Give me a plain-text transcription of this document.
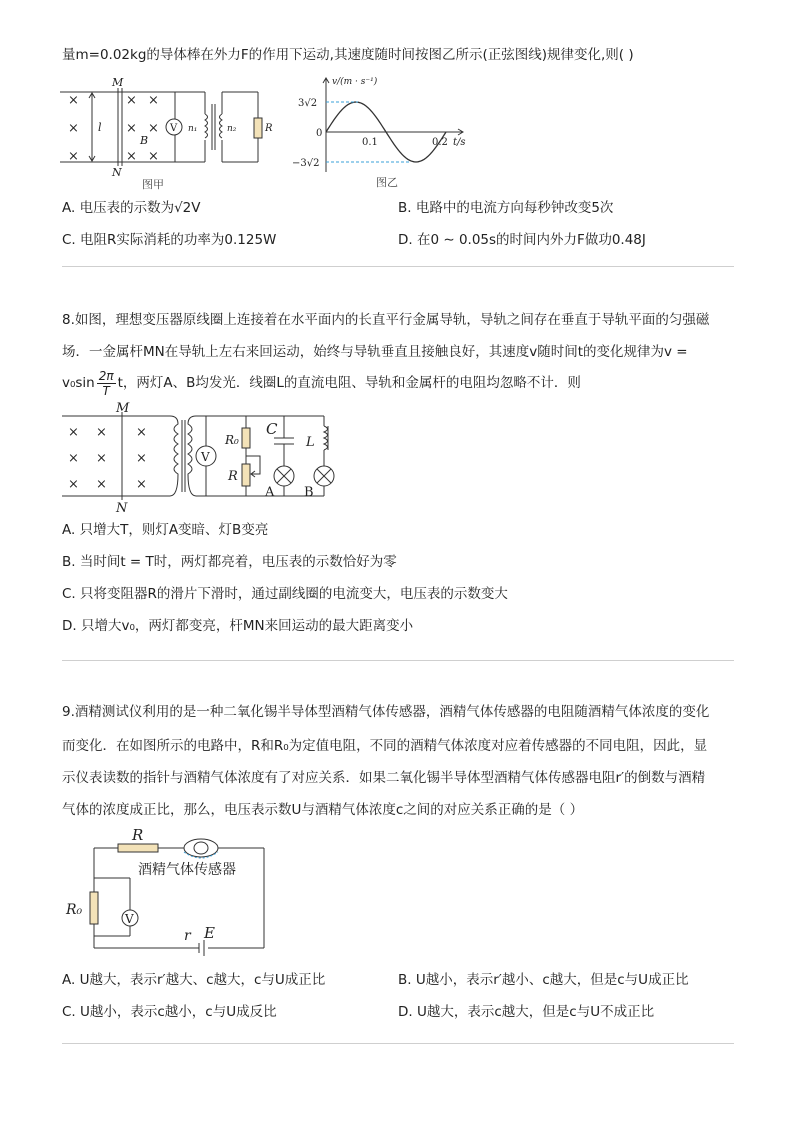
量m=0.02kg的导体棒在外力F的作用下运动,其速度随时间按图乙所示(正弦图线)规律变化,则( )
V
×
×
×
×
×
×
×
×
×
M
N
l
B
n₁	n₂	R
图甲
v/(m · s⁻¹)
t/s
3√2
−3√2
0
0.1	0.2
图乙
A. 电压表的示数为√2V	B. 电路中的电流方向每秒钟改变5次
C. 电阻R实际消耗的功率为0.125W	D. 在0 ∼ 0.05s的时间内外力F做功0.48J
8.如图，理想变压器原线圈上连接着在水平面内的长直平行金属导轨，导轨之间存在垂直于导轨平面的匀强磁
场．一金属杆MN在导轨上左右来回运动，始终与导轨垂直且接触良好，其速度v随时间t的变化规律为v =
$v_0\sin \frac{2\pi}{T}$ t，两灯A、B均发光．线圈L的直流电阻、导轨和金属杆的电阻均忽略不计．则
×
×
×
×
×
×
×
×
×
M
N
V
R₀
R
C
L
A B
A. 只增大T，则灯A变暗、灯B变亮
B. 当时间t = T时，两灯都亮着，电压表的示数恰好为零
C. 只将变阻器R的滑片下滑时，通过副线圈的电流变大，电压表的示数变大
D. 只增大v₀，两灯都变亮，杆MN来回运动的最大距离变小
9.酒精测试仪利用的是一种二氧化锡半导体型酒精气体传感器，酒精气体传感器的电阻随酒精气体浓度的变化
而变化．在如图所示的电路中，R和R₀为定值电阻，不同的酒精气体浓度对应着传感器的不同电阻，因此，显
示仪表读数的指针与酒精气体浓度有了对应关系．如果二氧化锡半导体型酒精气体传感器电阻r′的倒数与酒精
气体的浓度成正比，那么，电压表示数U与酒精气体浓度c之间的对应关系正确的是（ ）
R
酒精气体传感器
R₀
V
r E
A. U越大，表示r′越大、c越大，c与U成正比	B. U越小，表示r′越小、c越大，但是c与U成正比
C. U越小，表示c越小，c与U成反比	D. U越大，表示c越大，但是c与U不成正比
